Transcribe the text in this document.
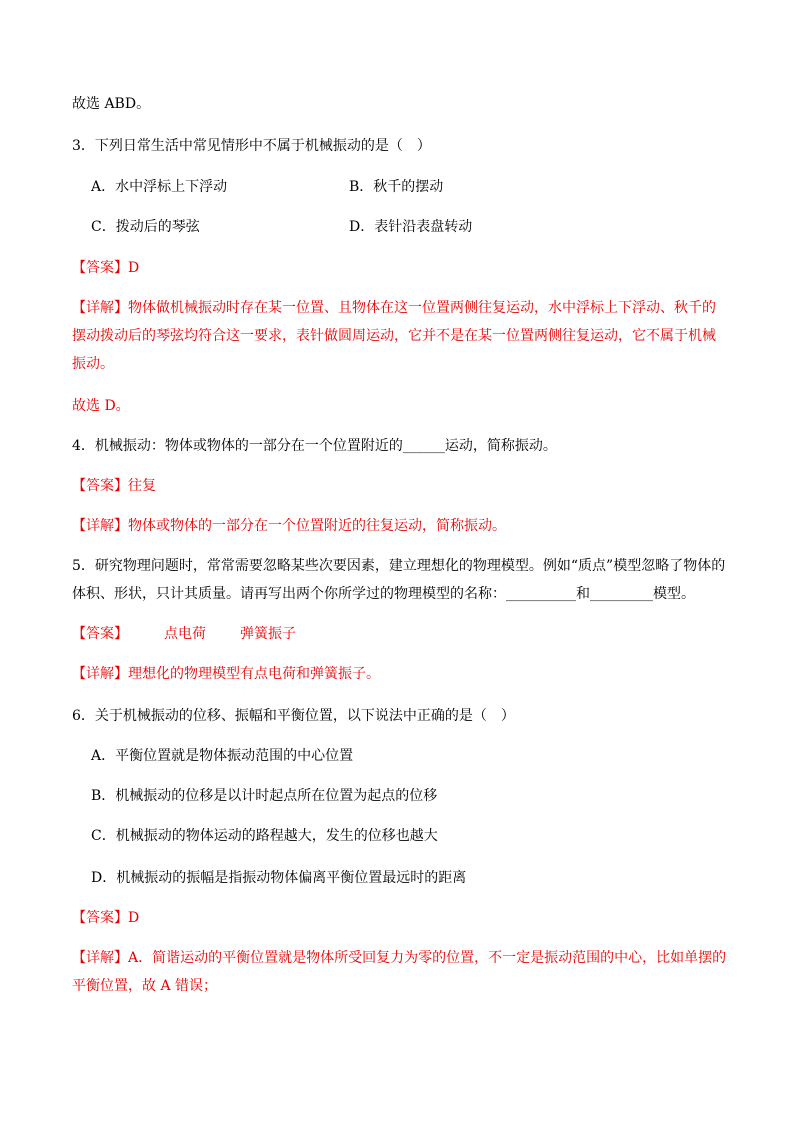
故选 ABD。
3．下列日常生活中常见情形中不属于机械振动的是（　）
A．水中浮标上下浮动	B．秋千的摆动
C．拨动后的琴弦	D．表针沿表盘转动
【答案】D
【详解】物体做机械振动时存在某一位置、且物体在这一位置两侧往复运动，水中浮标上下浮动、秋千的
摆动拨动后的琴弦均符合这一要求，表针做圆周运动，它并不是在某一位置两侧往复运动，它不属于机械
振动。
故选 D。
4．机械振动：物体或物体的一部分在一个位置附近的______运动，简称振动。
【答案】往复
【详解】物体或物体的一部分在一个位置附近的往复运动，简称振动。
5．研究物理问题时，常常需要忽略某些次要因素，建立理想化的物理模型。例如“质点”模型忽略了物体的
体积、形状，只计其质量。请再写出两个你所学过的物理模型的名称：__________和_________模型。
【答案】	点电荷 弹簧振子
【详解】理想化的物理模型有点电荷和弹簧振子。
6．关于机械振动的位移、振幅和平衡位置，以下说法中正确的是（　）
A．平衡位置就是物体振动范围的中心位置
B．机械振动的位移是以计时起点所在位置为起点的位移
C．机械振动的物体运动的路程越大，发生的位移也越大
D．机械振动的振幅是指振动物体偏离平衡位置最远时的距离
【答案】D
【详解】A．简谐运动的平衡位置就是物体所受回复力为零的位置，不一定是振动范围的中心，比如单摆的
平衡位置，故 A 错误；
